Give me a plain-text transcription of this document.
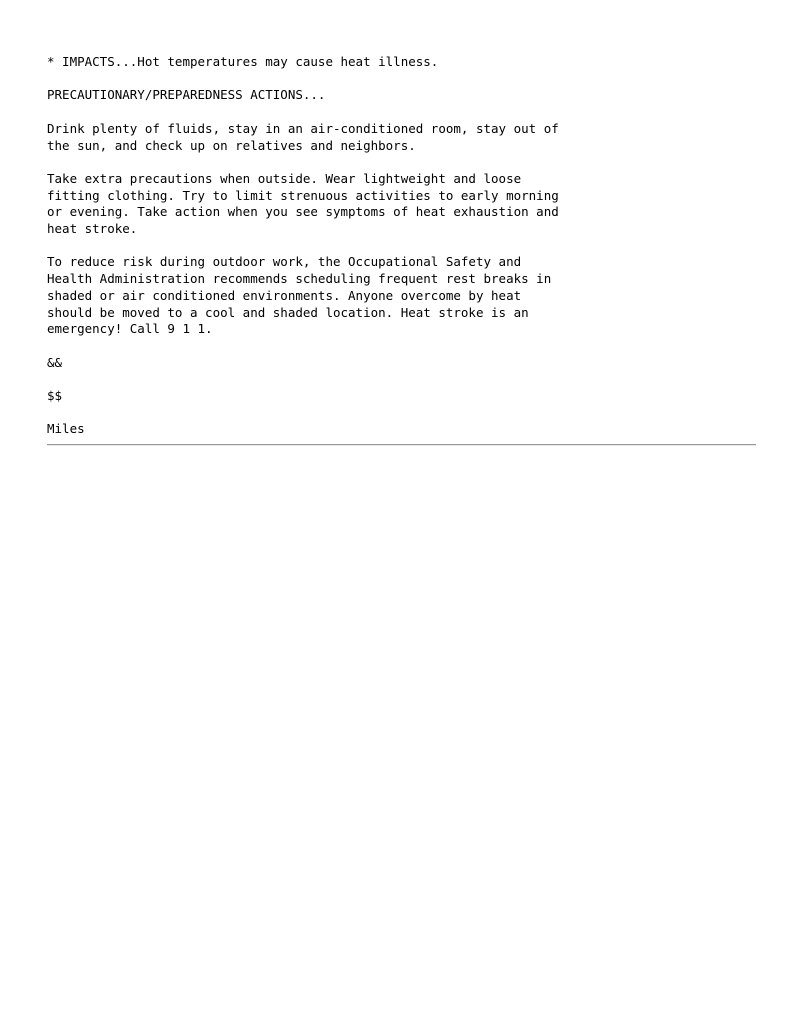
* IMPACTS...Hot temperatures may cause heat illness.

PRECAUTIONARY/PREPAREDNESS ACTIONS...

Drink plenty of fluids, stay in an air-conditioned room, stay out of
the sun, and check up on relatives and neighbors.

Take extra precautions when outside. Wear lightweight and loose
fitting clothing. Try to limit strenuous activities to early morning
or evening. Take action when you see symptoms of heat exhaustion and
heat stroke.

To reduce risk during outdoor work, the Occupational Safety and
Health Administration recommends scheduling frequent rest breaks in
shaded or air conditioned environments. Anyone overcome by heat
should be moved to a cool and shaded location. Heat stroke is an
emergency! Call 9 1 1.

&&

$$

Miles
